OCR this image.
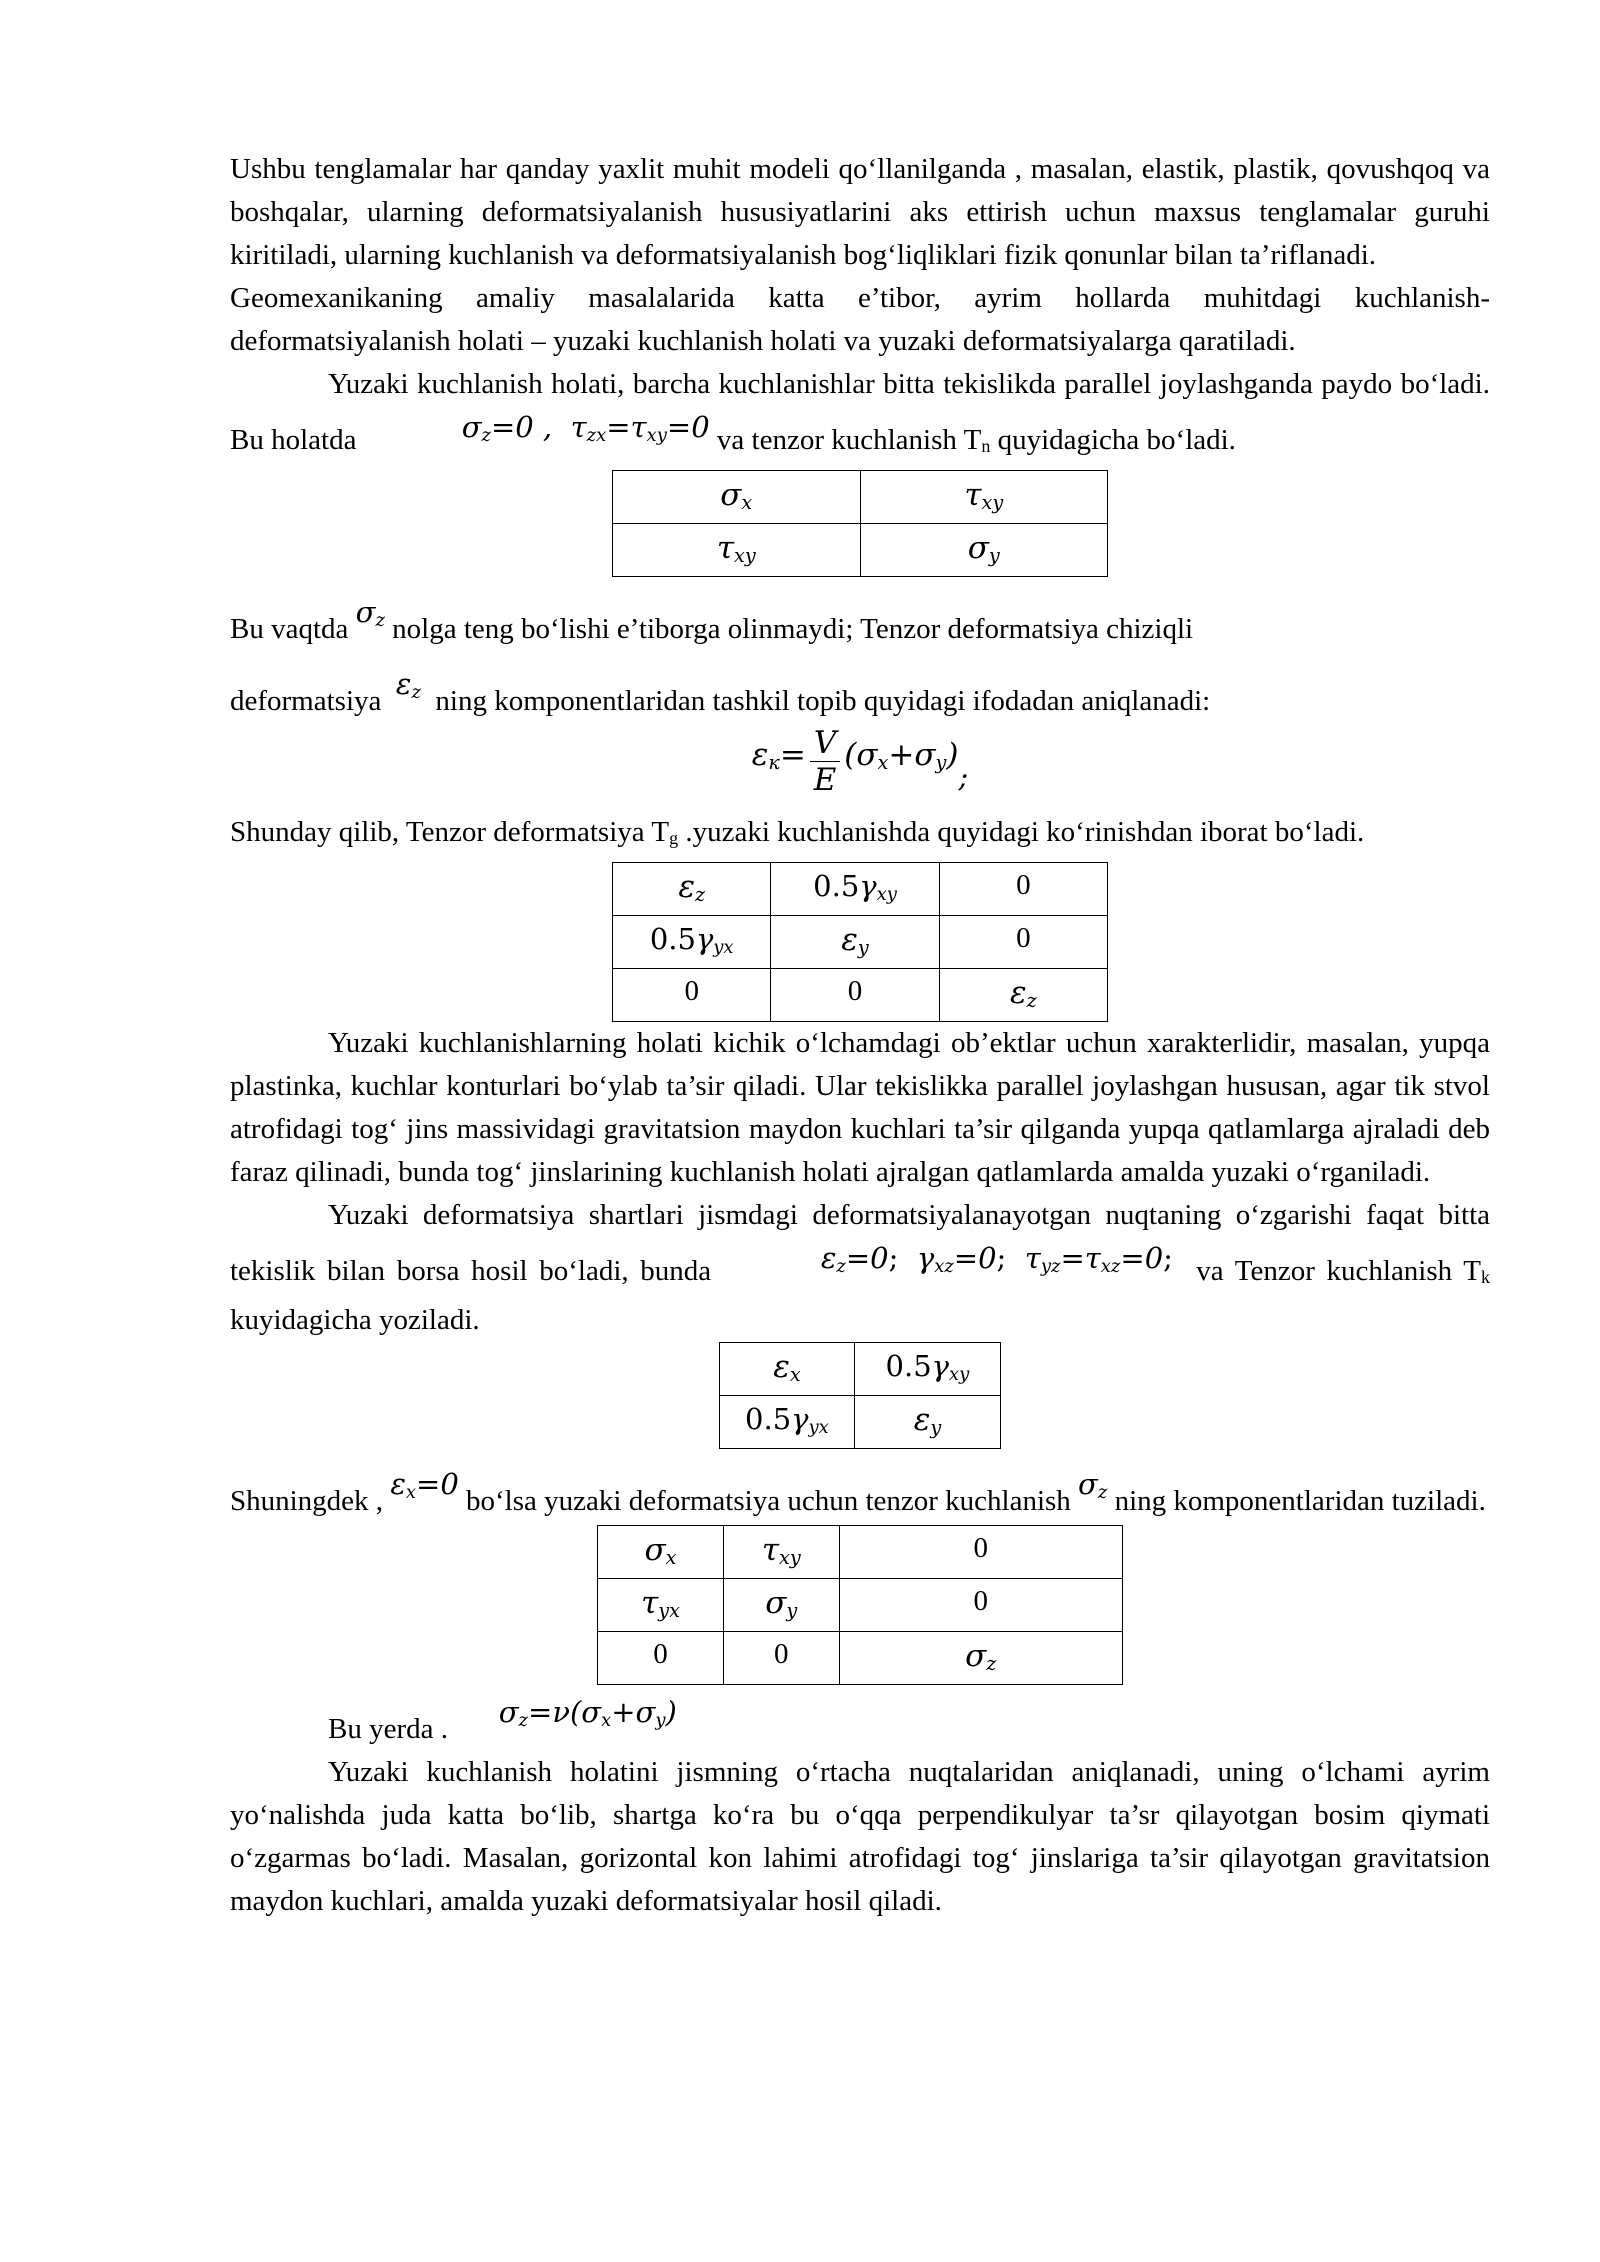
Ushbu tenglamalar har qanday yaxlit muhit modeli qo‘llanilganda , masalan, elastik, plastik, qovushqoq va boshqalar, ularning deformatsiyalanish hususiyatlarini aks ettirish uchun maxsus tenglamalar guruhi kiritiladi, ularning kuchlanish va deformatsiyalanish bog‘liqliklari fizik qonunlar bilan ta’riflanadi.

Geomexanikaning amaliy masalalarida katta e’tibor, ayrim hollarda muhitdagi kuchlanish-deformatsiyalanish holati – yuzaki kuchlanish holati va yuzaki deformatsiyalarga qaratiladi.

Yuzaki kuchlanish holati, barcha kuchlanishlar bitta tekislikda parallel joylashganda paydo bo‘ladi. Bu holatda	$\sigma_z=0$ ,  $\tau_{zx}=\tau_{xy}=0$ va tenzor kuchlanish Tn quyidagicha bo‘ladi.

$\sigma_x$	$\tau_{xy}$
$\tau_{xy}$	$\sigma_y$

Bu vaqtda $\sigma_z$ nolga teng bo‘lishi e’tiborga olinmaydi; Tenzor deformatsiya chiziqli

deformatsiya $\varepsilon_z$ ning komponentlaridan tashkil topib quyidagi ifodadan aniqlanadi:

$\varepsilon_к= \frac{V}{E} (\sigma_x+\sigma_y)$;

Shunday qilib, Tenzor deformatsiya Tg .yuzaki kuchlanishda quyidagi ko‘rinishdan iborat bo‘ladi.

$\varepsilon_z$	$0.5\gamma_{xy}$	0
$0.5\gamma_{yx}$	$\varepsilon_y$	0
0	0	$\varepsilon_z$

Yuzaki kuchlanishlarning holati kichik o‘lchamdagi ob’ektlar uchun xarakterlidir, masalan, yupqa plastinka, kuchlar konturlari bo‘ylab ta’sir qiladi. Ular tekislikka parallel joylashgan hususan, agar tik stvol atrofidagi tog‘ jins massividagi gravitatsion maydon kuchlari ta’sir qilganda yupqa qatlamlarga ajraladi deb faraz qilinadi, bunda tog‘ jinslarining kuchlanish holati ajralgan qatlamlarda amalda yuzaki o‘rganiladi.

Yuzaki deformatsiya shartlari jismdagi deformatsiyalanayotgan nuqtaning o‘zgarishi faqat bitta tekislik bilan borsa hosil bo‘ladi, bunda	$\varepsilon_z=0$;  $\gamma_{xz}=0$;  $\tau_{yz}=\tau_{xz}=0$; va Tenzor kuchlanish Tk kuyidagicha yoziladi.

$\varepsilon_x$	$0.5\gamma_{xy}$
$0.5\gamma_{yx}$	$\varepsilon_y$

Shuningdek , $\varepsilon_x=0$ bo‘lsa yuzaki deformatsiya uchun tenzor kuchlanish $\sigma_z$ ning komponentlaridan tuziladi.

$\sigma_x$	$\tau_{xy}$	0
$\tau_{yx}$	$\sigma_y$	0
0	0	$\sigma_z$

Bu yerda . $\sigma_z=\nu(\sigma_x+\sigma_y)$

Yuzaki kuchlanish holatini jismning o‘rtacha nuqtalaridan aniqlanadi, uning o‘lchami ayrim yo‘nalishda juda katta bo‘lib, shartga ko‘ra bu o‘qqa perpendikulyar ta’sr qilayotgan bosim qiymati o‘zgarmas bo‘ladi. Masalan, gorizontal kon lahimi atrofidagi tog‘ jinslariga ta’sir qilayotgan gravitatsion maydon kuchlari, amalda yuzaki deformatsiyalar hosil qiladi.
